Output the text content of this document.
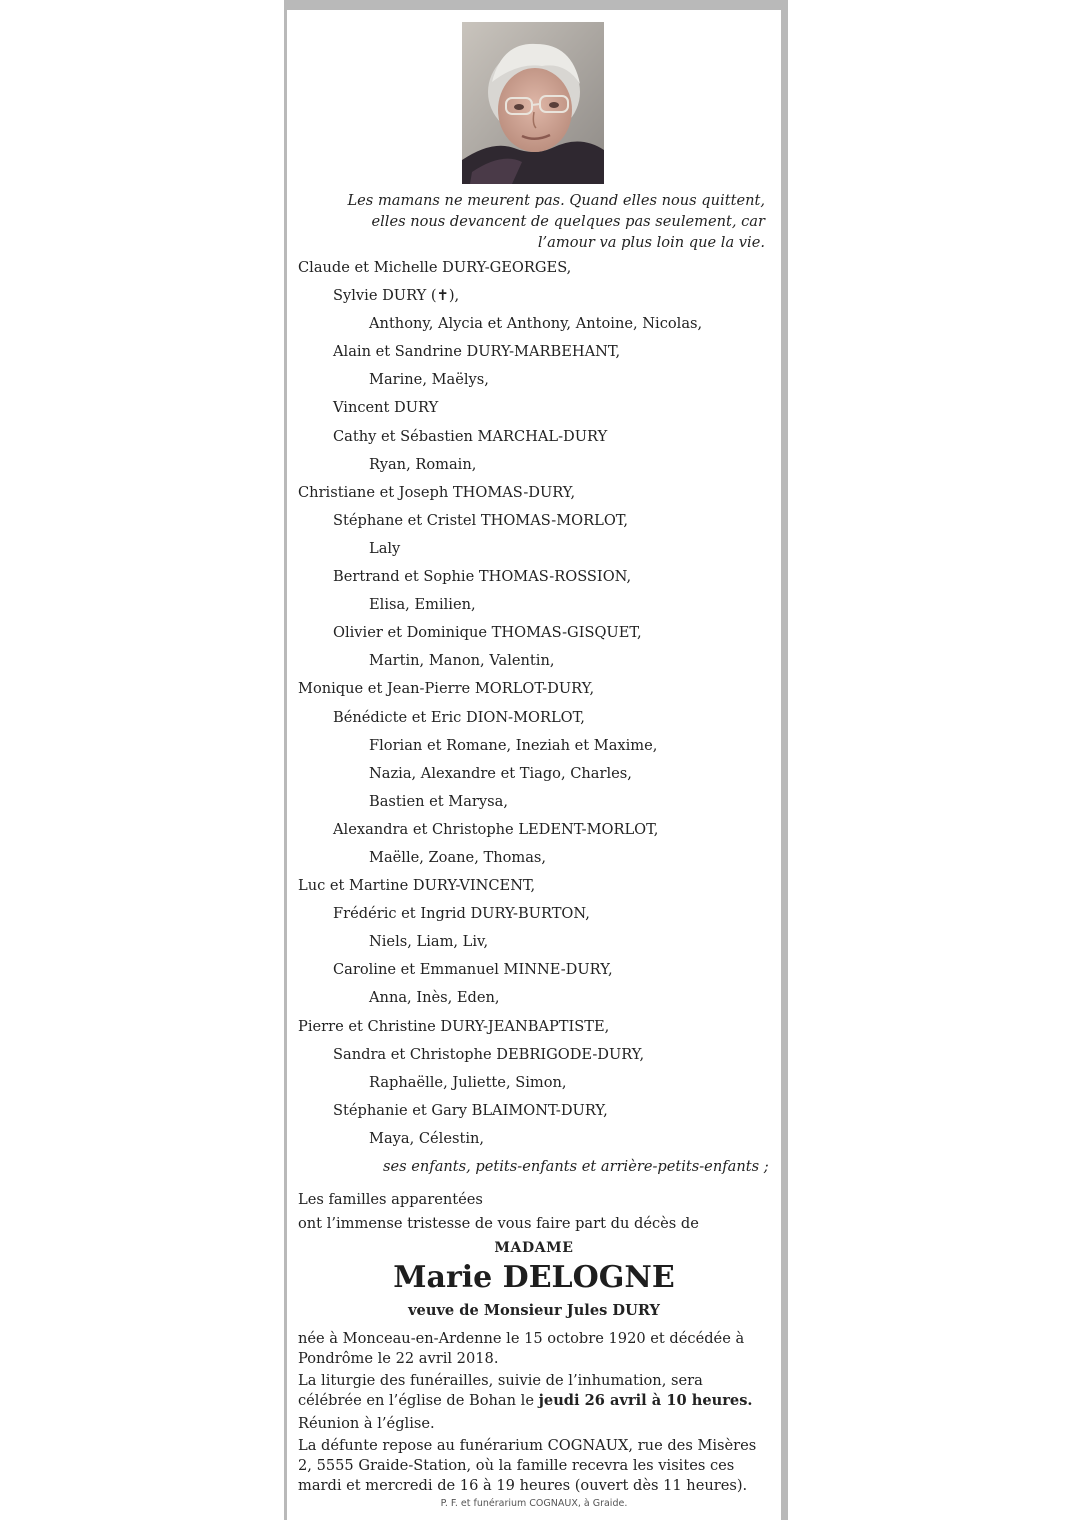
Les mamans ne meurent pas. Quand elles nous quittent,
elles nous devancent de quelques pas seulement, car
l’amour va plus loin que la vie.
Claude et Michelle DURY-GEORGES,
Sylvie DURY (✝),
Anthony, Alycia et Anthony, Antoine, Nicolas,
Alain et Sandrine DURY-MARBEHANT,
Marine, Maëlys,
Vincent DURY
Cathy et Sébastien MARCHAL-DURY
Ryan, Romain,
Christiane et Joseph THOMAS-DURY,
Stéphane et Cristel THOMAS-MORLOT,
Laly
Bertrand et Sophie THOMAS-ROSSION,
Elisa, Emilien,
Olivier et Dominique THOMAS-GISQUET,
Martin, Manon, Valentin,
Monique et Jean-Pierre MORLOT-DURY,
Bénédicte et Eric DION-MORLOT,
Florian et Romane, Ineziah et Maxime,
Nazia, Alexandre et Tiago, Charles,
Bastien et Marysa,
Alexandra et Christophe LEDENT-MORLOT,
Maëlle, Zoane, Thomas,
Luc et Martine DURY-VINCENT,
Frédéric et Ingrid DURY-BURTON,
Niels, Liam, Liv,
Caroline et Emmanuel MINNE-DURY,
Anna, Inès, Eden,
Pierre et Christine DURY-JEANBAPTISTE,
Sandra et Christophe DEBRIGODE-DURY,
Raphaëlle, Juliette, Simon,
Stéphanie et Gary BLAIMONT-DURY,
Maya, Célestin,
ses enfants, petits-enfants et arrière-petits-enfants ;
Les familles apparentées
ont l’immense tristesse de vous faire part du décès de
MADAME
Marie DELOGNE
veuve de Monsieur Jules DURY

née à Monceau-en-Ardenne le 15 octobre 1920 et décédée à
Pondrôme le 22 avril 2018.

La liturgie des funérailles, suivie de l’inhumation, sera
célébrée en l’église de Bohan le jeudi 26 avril à 10 heures.

Réunion à l’église.

La défunte repose au funérarium COGNAUX, rue des Misères
2, 5555 Graide-Station, où la famille recevra les visites ces
mardi et mercredi de 16 à 19 heures (ouvert dès 11 heures).

P. F. et funérarium COGNAUX, à Graide.
